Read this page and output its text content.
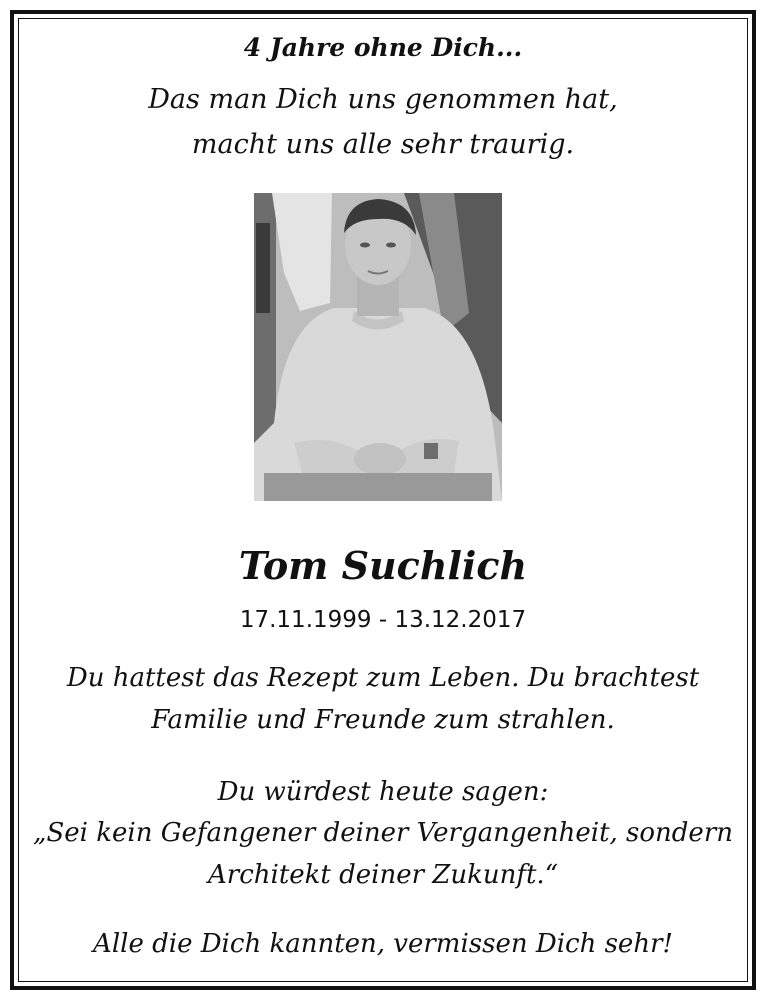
4 Jahre ohne Dich...
Das man Dich uns genommen hat,
macht uns alle sehr traurig.
Tom Suchlich
17.11.1999 - 13.12.2017
Du hattest das Rezept zum Leben. Du brachtest
Familie und Freunde zum strahlen.
Du würdest heute sagen:
„Sei kein Gefangener deiner Vergangenheit, sondern
Architekt deiner Zukunft.“
Alle die Dich kannten, vermissen Dich sehr!
